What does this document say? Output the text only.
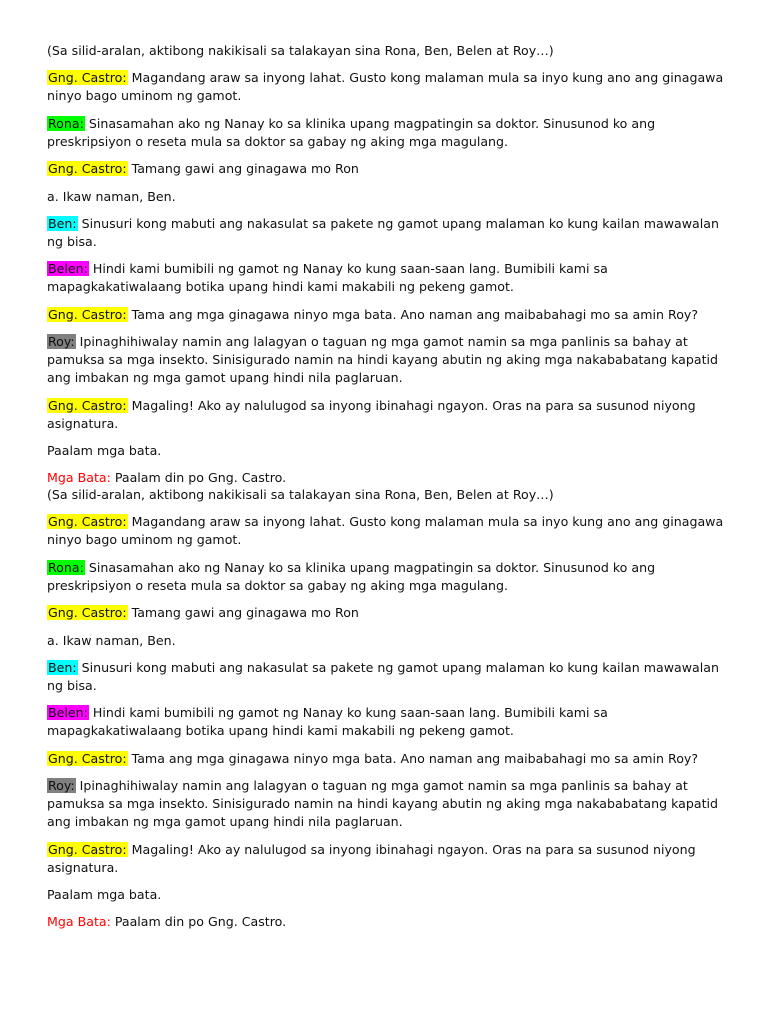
(Sa silid-aralan, aktibong nakikisali sa talakayan sina Rona, Ben, Belen at Roy…)

Gng. Castro: Magandang araw sa inyong lahat. Gusto kong malaman mula sa inyo kung ano ang ginagawa ninyo bago uminom ng gamot.

Rona: Sinasamahan ako ng Nanay ko sa klinika upang magpatingin sa doktor. Sinusunod ko ang preskripsiyon o reseta mula sa doktor sa gabay ng aking mga magulang.

Gng. Castro: Tamang gawi ang ginagawa mo Ron

a. Ikaw naman, Ben.

Ben: Sinusuri kong mabuti ang nakasulat sa pakete ng gamot upang malaman ko kung kailan mawawalan ng bisa.

Belen: Hindi kami bumibili ng gamot ng Nanay ko kung saan-saan lang. Bumibili kami sa mapagkakatiwalaang botika upang hindi kami makabili ng pekeng gamot.

Gng. Castro: Tama ang mga ginagawa ninyo mga bata. Ano naman ang maibabahagi mo sa amin Roy?

Roy: Ipinaghihiwalay namin ang lalagyan o taguan ng mga gamot namin sa mga panlinis sa bahay at pamuksa sa mga insekto. Sinisigurado namin na hindi kayang abutin ng aking mga nakababatang kapatid ang imbakan ng mga gamot upang hindi nila paglaruan.

Gng. Castro: Magaling! Ako ay nalulugod sa inyong ibinahagi ngayon. Oras na para sa susunod niyong asignatura.

Paalam mga bata.

Mga Bata: Paalam din po Gng. Castro.

(Sa silid-aralan, aktibong nakikisali sa talakayan sina Rona, Ben, Belen at Roy…)

Gng. Castro: Magandang araw sa inyong lahat. Gusto kong malaman mula sa inyo kung ano ang ginagawa ninyo bago uminom ng gamot.

Rona: Sinasamahan ako ng Nanay ko sa klinika upang magpatingin sa doktor. Sinusunod ko ang preskripsiyon o reseta mula sa doktor sa gabay ng aking mga magulang.

Gng. Castro: Tamang gawi ang ginagawa mo Ron

a. Ikaw naman, Ben.

Ben: Sinusuri kong mabuti ang nakasulat sa pakete ng gamot upang malaman ko kung kailan mawawalan ng bisa.

Belen: Hindi kami bumibili ng gamot ng Nanay ko kung saan-saan lang. Bumibili kami sa mapagkakatiwalaang botika upang hindi kami makabili ng pekeng gamot.

Gng. Castro: Tama ang mga ginagawa ninyo mga bata. Ano naman ang maibabahagi mo sa amin Roy?

Roy: Ipinaghihiwalay namin ang lalagyan o taguan ng mga gamot namin sa mga panlinis sa bahay at pamuksa sa mga insekto. Sinisigurado namin na hindi kayang abutin ng aking mga nakababatang kapatid ang imbakan ng mga gamot upang hindi nila paglaruan.

Gng. Castro: Magaling! Ako ay nalulugod sa inyong ibinahagi ngayon. Oras na para sa susunod niyong asignatura.

Paalam mga bata.

Mga Bata: Paalam din po Gng. Castro.
